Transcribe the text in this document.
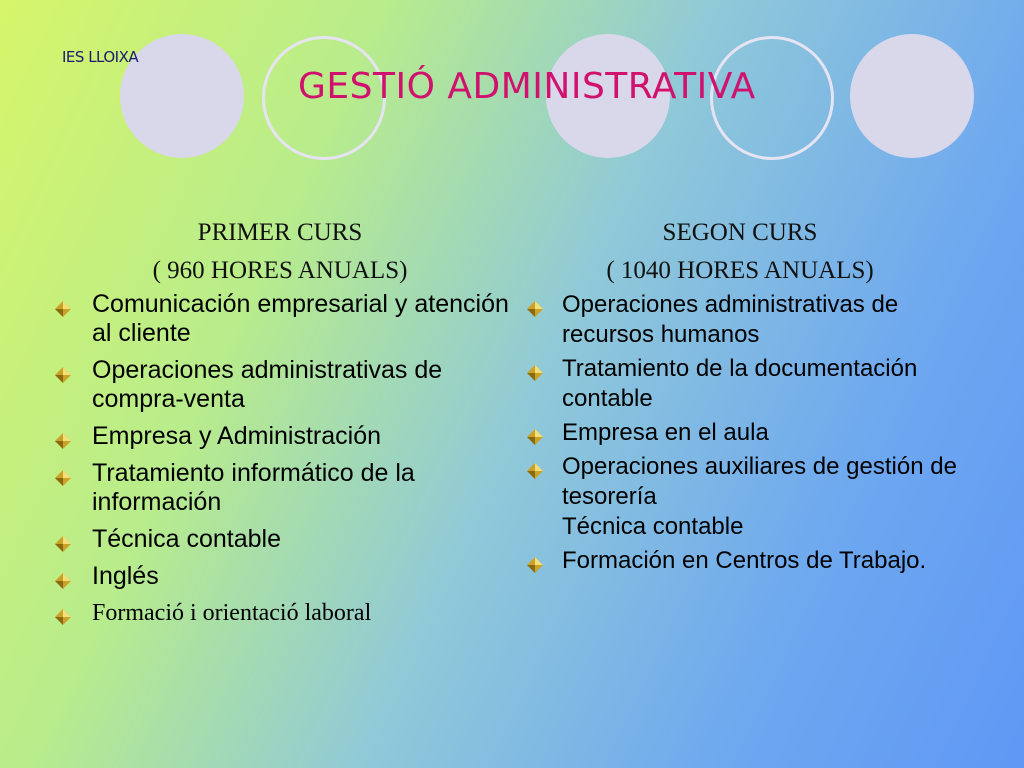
IES LLOIXA

GESTIÓ ADMINISTRATIVA
PRIMER CURS
( 960 HORES ANUALS)
Comunicación empresarial y atención al cliente
Operaciones administrativas de compra-venta
Empresa y Administración
Tratamiento informático de la información
Técnica contable
Inglés
Formació i orientació laboral
SEGON CURS
( 1040 HORES ANUALS)
Operaciones administrativas de recursos humanos
Tratamiento de la documentación contable
Empresa en el aula
Operaciones auxiliares de gestión de tesorería
Técnica contable
Formación en Centros de Trabajo.
